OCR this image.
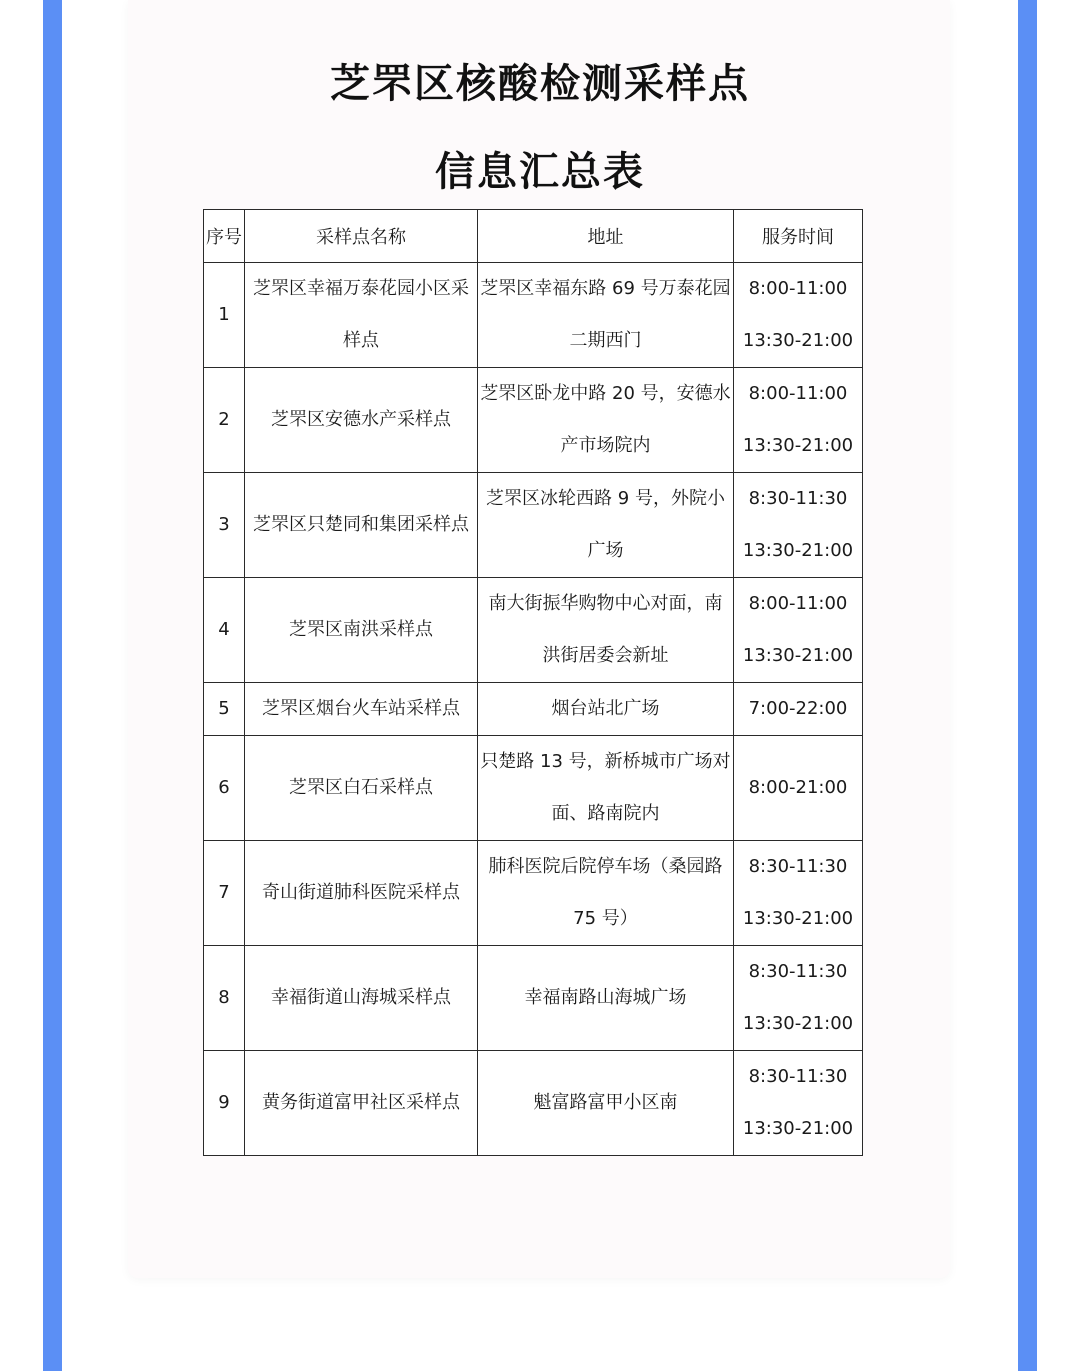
芝罘区核酸检测采样点
信息汇总表
序号	采样点名称	地址	服务时间
1	芝罘区幸福万泰花园小区采样点	芝罘区幸福东路 69 号万泰花园二期西门	8:00-11:00
13:30-21:00

2	芝罘区安德水产采样点	芝罘区卧龙中路 20 号，安德水产市场院内	8:00-11:00
13:30-21:00

3	芝罘区只楚同和集团采样点	芝罘区冰轮西路 9 号，外院小广场	8:30-11:30
13:30-21:00

4	芝罘区南洪采样点	南大街振华购物中心对面，南洪街居委会新址	8:00-11:00
13:30-21:00

5	芝罘区烟台火车站采样点	烟台站北广场	7:00-22:00

6	芝罘区白石采样点	只楚路 13 号，新桥城市广场对面、路南院内	8:00-21:00

7	奇山街道肺科医院采样点	肺科医院后院停车场（桑园路 75 号）	8:30-11:30
13:30-21:00

8	幸福街道山海城采样点	幸福南路山海城广场	8:30-11:30
13:30-21:00

9	黄务街道富甲社区采样点	魁富路富甲小区南	8:30-11:30
13:30-21:00
